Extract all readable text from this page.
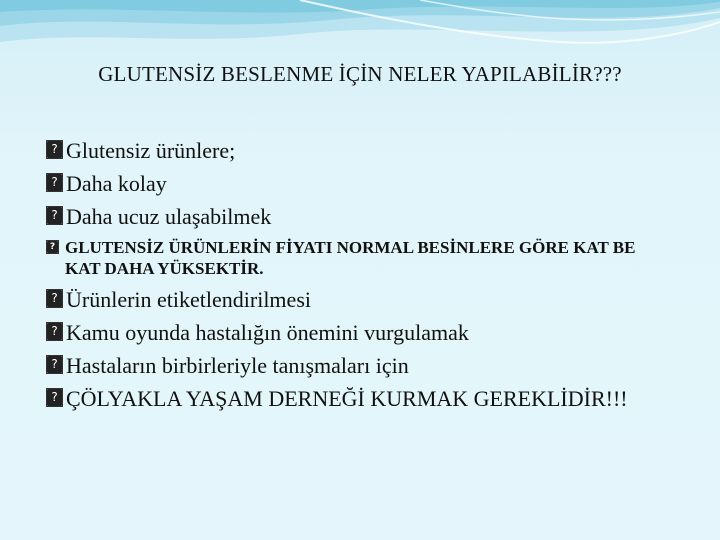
GLUTENSİZ BESLENME İÇİN NELER YAPILABİLİR???
?
Glutensiz ürünlere;
?
Daha kolay
?
Daha ucuz ulaşabilmek
?
GLUTENSİZ ÜRÜNLERİN FİYATI NORMAL BESİNLERE GÖRE KAT BE KAT DAHA YÜKSEKTİR.
?
Ürünlerin etiketlendirilmesi
?
Kamu oyunda hastalığın önemini vurgulamak
?
Hastaların birbirleriyle tanışmaları için
?
ÇÖLYAKLA YAŞAM DERNEĞİ KURMAK GEREKLİDİR!!!
